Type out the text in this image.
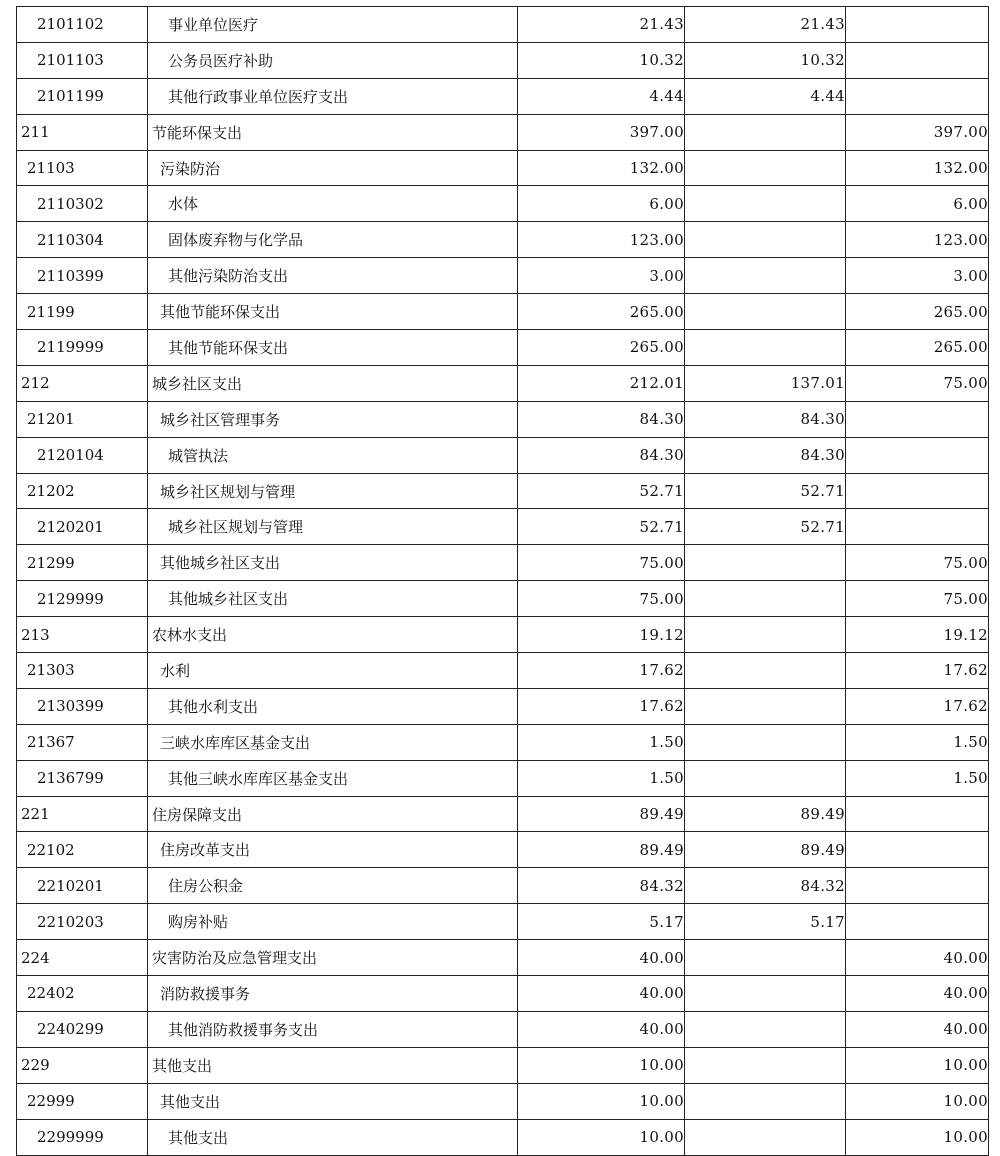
2101102	事业单位医疗	21.43	21.43	
2101103	公务员医疗补助	10.32	10.32	
2101199	其他行政事业单位医疗支出	4.44	4.44	
211	节能环保支出	397.00		397.00
21103	污染防治	132.00		132.00
2110302	水体	6.00		6.00
2110304	固体废弃物与化学品	123.00		123.00
2110399	其他污染防治支出	3.00		3.00
21199	其他节能环保支出	265.00		265.00
2119999	其他节能环保支出	265.00		265.00
212	城乡社区支出	212.01	137.01	75.00
21201	城乡社区管理事务	84.30	84.30	
2120104	城管执法	84.30	84.30	
21202	城乡社区规划与管理	52.71	52.71	
2120201	城乡社区规划与管理	52.71	52.71	
21299	其他城乡社区支出	75.00		75.00
2129999	其他城乡社区支出	75.00		75.00
213	农林水支出	19.12		19.12
21303	水利	17.62		17.62
2130399	其他水利支出	17.62		17.62
21367	三峡水库库区基金支出	1.50		1.50
2136799	其他三峡水库库区基金支出	1.50		1.50
221	住房保障支出	89.49	89.49	
22102	住房改革支出	89.49	89.49	
2210201	住房公积金	84.32	84.32	
2210203	购房补贴	5.17	5.17	
224	灾害防治及应急管理支出	40.00		40.00
22402	消防救援事务	40.00		40.00
2240299	其他消防救援事务支出	40.00		40.00
229	其他支出	10.00		10.00
22999	其他支出	10.00		10.00
2299999	其他支出	10.00		10.00
